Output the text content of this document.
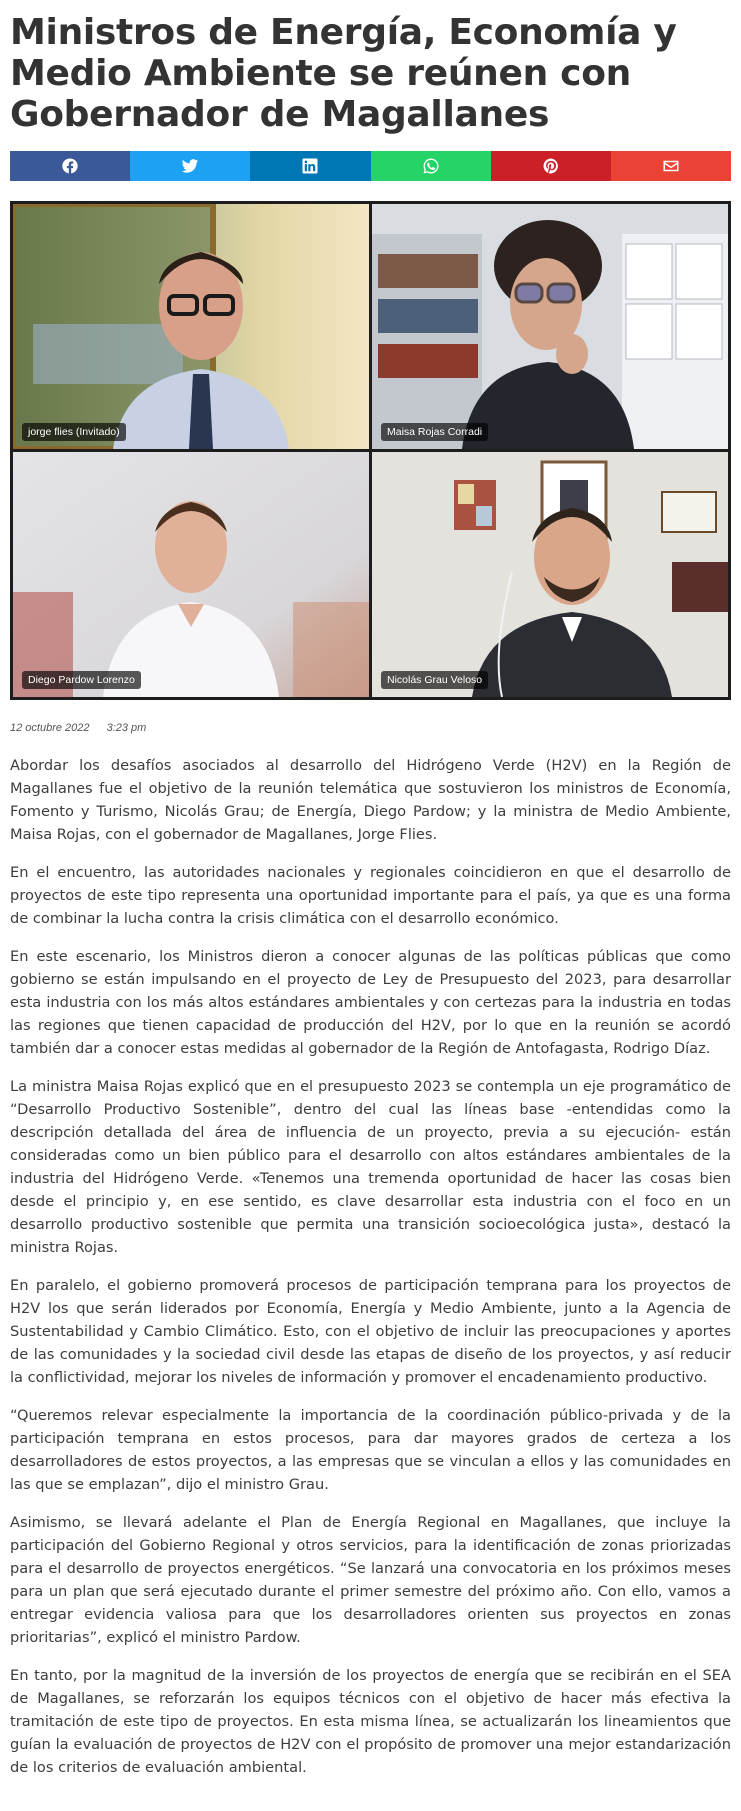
Ministros de Energía, Economía y Medio Ambiente se reúnen con Gobernador de Magallanes
jorge flies (Invitado)	Maisa Rojas Corradi
Diego Pardow Lorenzo	Nicolás Grau Veloso
12 octubre 2022 3:23 pm

Abordar los desafíos asociados al desarrollo del Hidrógeno Verde (H2V) en la Región de Magallanes fue el objetivo de la reunión telemática que sostuvieron los ministros de Economía, Fomento y Turismo, Nicolás Grau; de Energía, Diego Pardow; y la ministra de Medio Ambiente, Maisa Rojas, con el gobernador de Magallanes, Jorge Flies.

En el encuentro, las autoridades nacionales y regionales coincidieron en que el desarrollo de proyectos de este tipo representa una oportunidad importante para el país, ya que es una forma de combinar la lucha contra la crisis climática con el desarrollo económico.

En este escenario, los Ministros dieron a conocer algunas de las políticas públicas que como gobierno se están impulsando en el proyecto de Ley de Presupuesto del 2023, para desarrollar esta industria con los más altos estándares ambientales y con certezas para la industria en todas las regiones que tienen capacidad de producción del H2V, por lo que en la reunión se acordó también dar a conocer estas medidas al gobernador de la Región de Antofagasta, Rodrigo Díaz.

La ministra Maisa Rojas explicó que en el presupuesto 2023 se contempla un eje programático de “Desarrollo Productivo Sostenible”, dentro del cual las líneas base -entendidas como la descripción detallada del área de influencia de un proyecto, previa a su ejecución- están consideradas como un bien público para el desarrollo con altos estándares ambientales de la industria del Hidrógeno Verde. «Tenemos una tremenda oportunidad de hacer las cosas bien desde el principio y, en ese sentido, es clave desarrollar esta industria con el foco en un desarrollo productivo sostenible que permita una transición socioecológica justa», destacó la ministra Rojas.

En paralelo, el gobierno promoverá procesos de participación temprana para los proyectos de H2V los que serán liderados por Economía, Energía y Medio Ambiente, junto a la Agencia de Sustentabilidad y Cambio Climático. Esto, con el objetivo de incluir las preocupaciones y aportes de las comunidades y la sociedad civil desde las etapas de diseño de los proyectos, y así reducir la conflictividad, mejorar los niveles de información y promover el encadenamiento productivo.

“Queremos relevar especialmente la importancia de la coordinación público-privada y de la participación temprana en estos procesos, para dar mayores grados de certeza a los desarrolladores de estos proyectos, a las empresas que se vinculan a ellos y las comunidades en las que se emplazan”, dijo el ministro Grau.

Asimismo, se llevará adelante el Plan de Energía Regional en Magallanes, que incluye la participación del Gobierno Regional y otros servicios, para la identificación de zonas priorizadas para el desarrollo de proyectos energéticos. “Se lanzará una convocatoria en los próximos meses para un plan que será ejecutado durante el primer semestre del próximo año. Con ello, vamos a entregar evidencia valiosa para que los desarrolladores orienten sus proyectos en zonas prioritarias”, explicó el ministro Pardow.

En tanto, por la magnitud de la inversión de los proyectos de energía que se recibirán en el SEA de Magallanes, se reforzarán los equipos técnicos con el objetivo de hacer más efectiva la tramitación de este tipo de proyectos. En esta misma línea, se actualizarán los lineamientos que guían la evaluación de proyectos de H2V con el propósito de promover una mejor estandarización de los criterios de evaluación ambiental.
